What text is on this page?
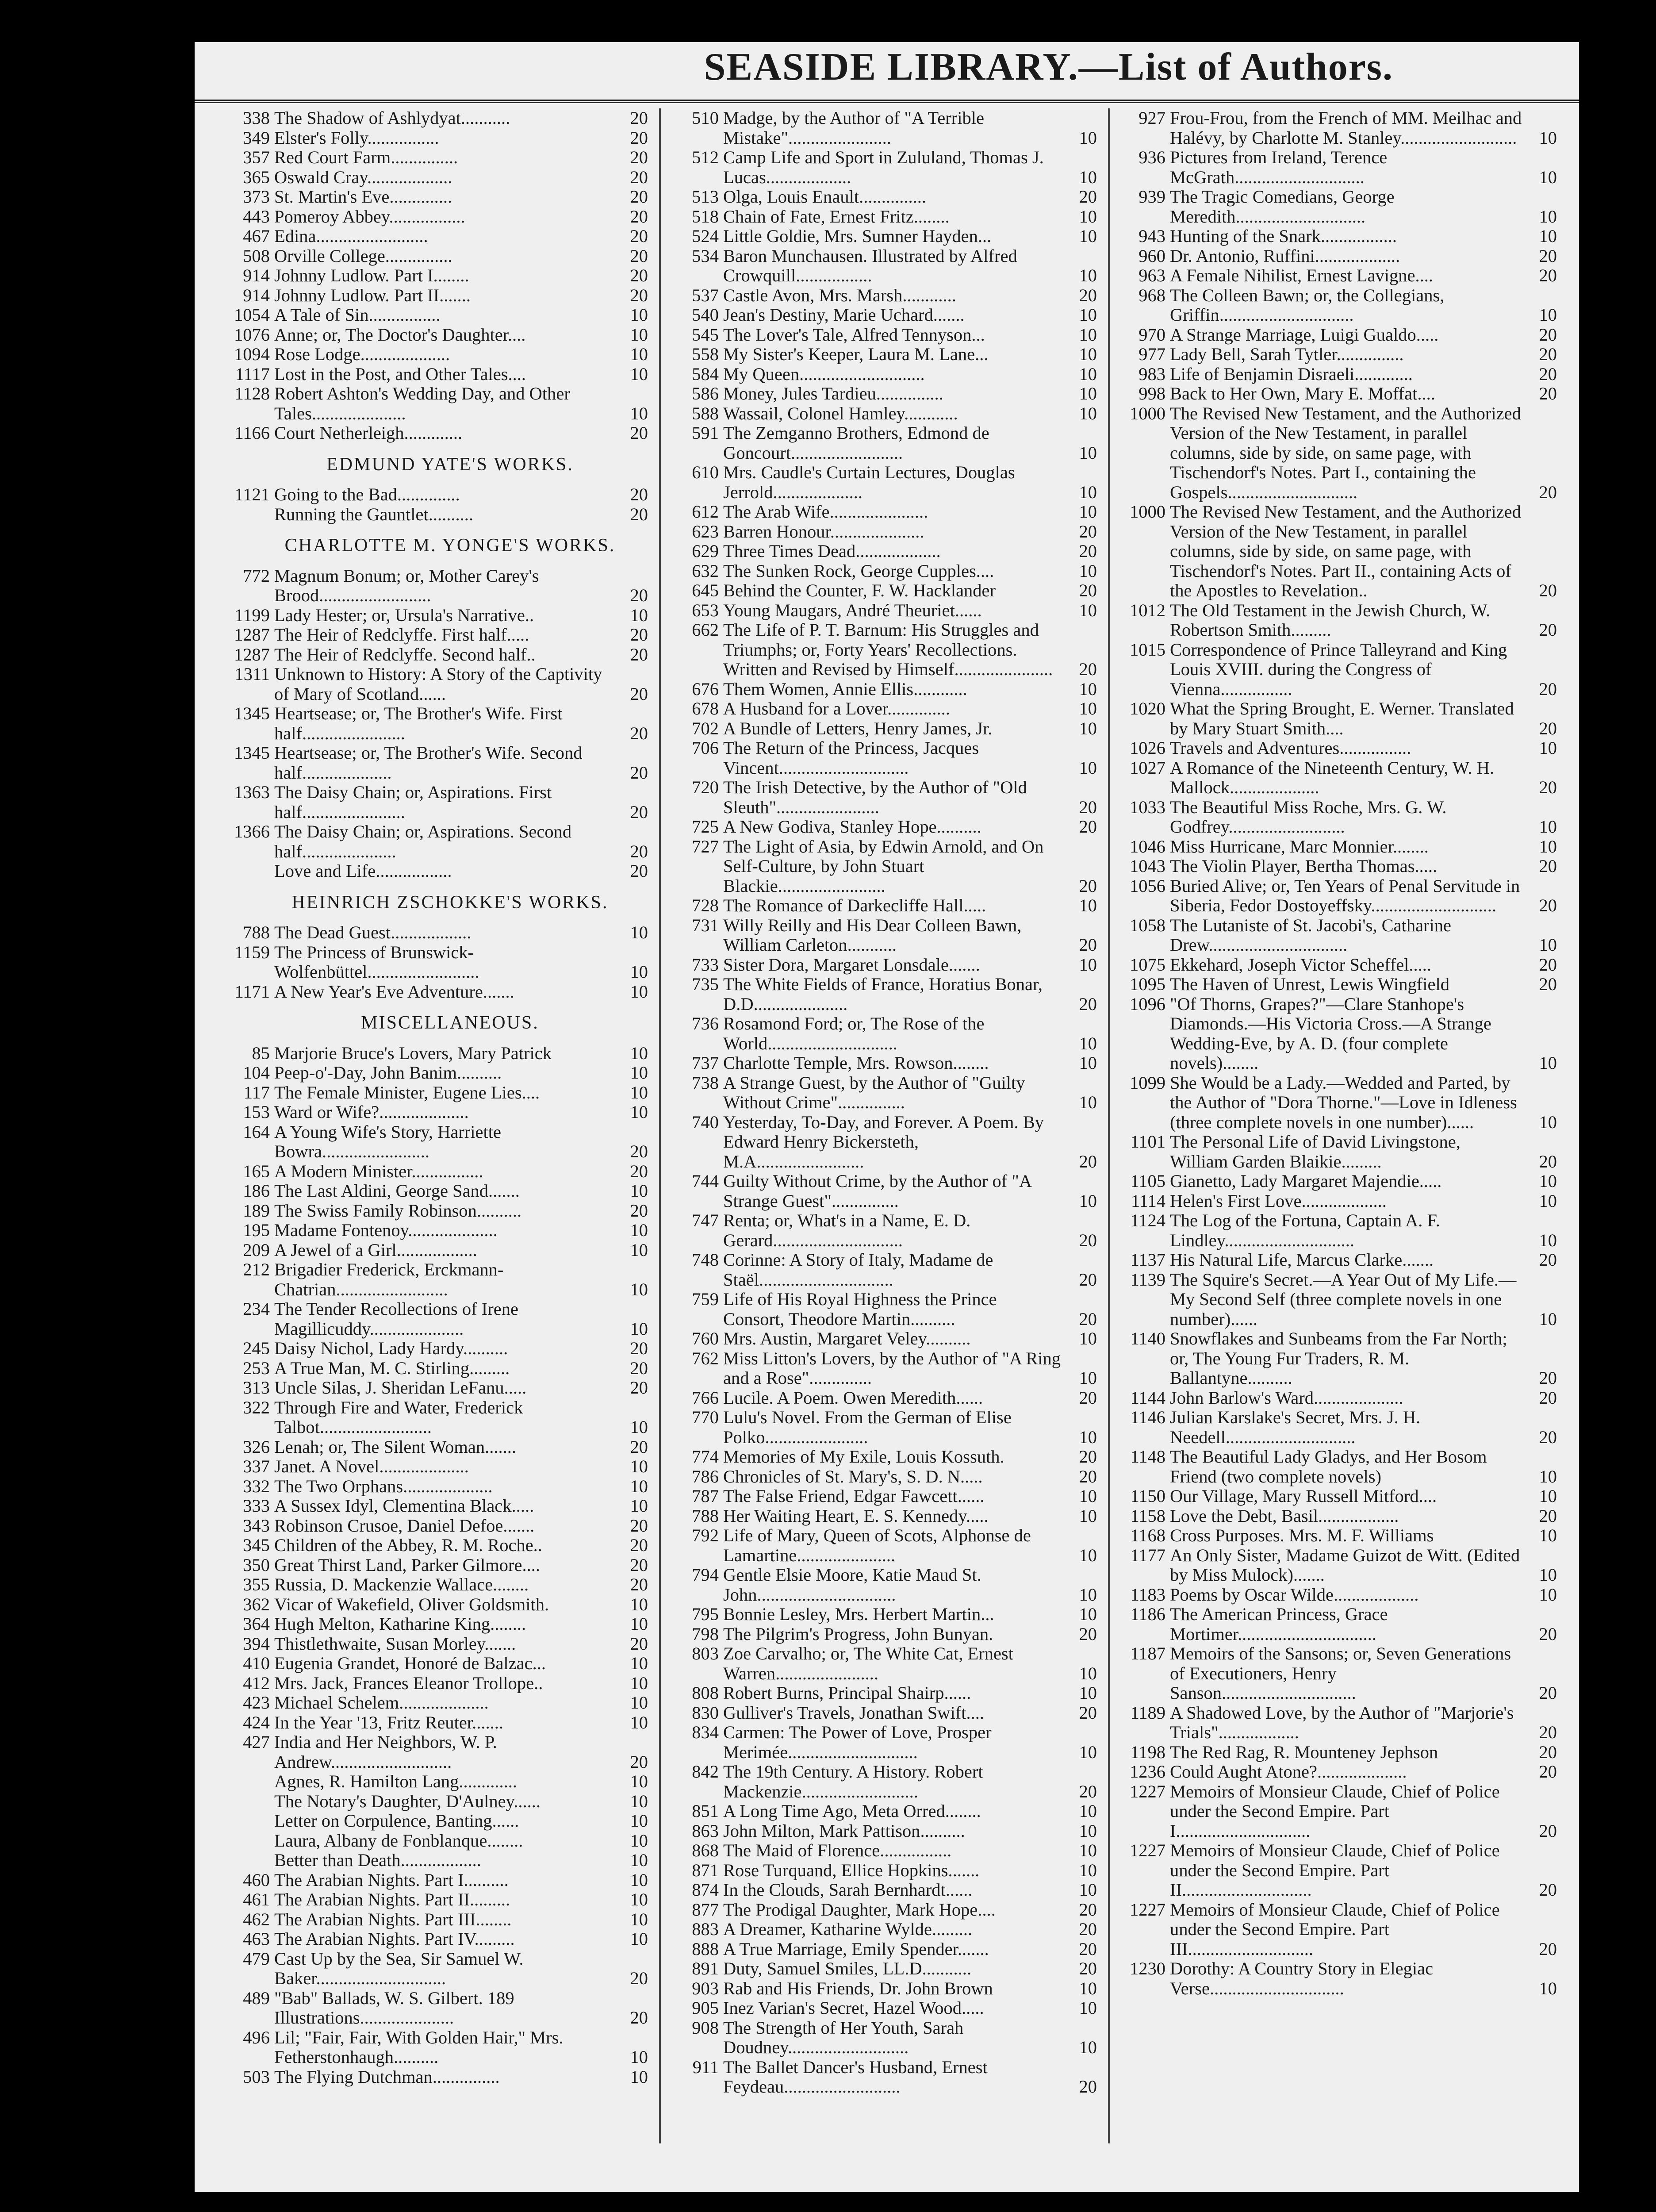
SEASIDE LIBRARY.—List of Authors.
338 The Shadow of Ashlydyat...........	20
349 Elster's Folly................	20
357 Red Court Farm...............	20
365 Oswald Cray...................	20
373 St. Martin's Eve..............	20
443 Pomeroy Abbey.................	20
467 Edina.........................	20
508 Orville College...............	20
914 Johnny Ludlow. Part I........	20
914 Johnny Ludlow. Part II.......	20
1054 A Tale of Sin................	10
1076 Anne; or, The Doctor's Daughter....	10
1094 Rose Lodge....................	10
1117 Lost in the Post, and Other Tales....	10
1128 Robert Ashton's Wedding Day, and Other Tales.....................	10
1166 Court Netherleigh.............	20
EDMUND YATE'S WORKS.
1121 Going to the Bad..............	20
Running the Gauntlet..........	20
CHARLOTTE M. YONGE'S WORKS.
772 Magnum Bonum; or, Mother Carey's Brood.........................	20
1199 Lady Hester; or, Ursula's Narrative..	10
1287 The Heir of Redclyffe. First half.....	20
1287 The Heir of Redclyffe. Second half..	20
1311 Unknown to History: A Story of the Captivity of Mary of Scotland......	20
1345 Heartsease; or, The Brother's Wife. First half.......................	20
1345 Heartsease; or, The Brother's Wife. Second half....................	20
1363 The Daisy Chain; or, Aspirations. First half.......................	20
1366 The Daisy Chain; or, Aspirations. Second half.....................	20
Love and Life.................	20
HEINRICH ZSCHOKKE'S WORKS.
788 The Dead Guest..................	10
1159 The Princess of Brunswick-Wolfenbüttel.........................	10
1171 A New Year's Eve Adventure.......	10
MISCELLANEOUS.
85 Marjorie Bruce's Lovers, Mary Patrick	10
104 Peep-o'-Day, John Banim..........	10
117 The Female Minister, Eugene Lies....	10
153 Ward or Wife?....................	10
164 A Young Wife's Story, Harriette Bowra........................	20
165 A Modern Minister................	20
186 The Last Aldini, George Sand.......	10
189 The Swiss Family Robinson..........	20
195 Madame Fontenoy....................	10
209 A Jewel of a Girl..................	10
212 Brigadier Frederick, Erckmann-Chatrian.........................	10
234 The Tender Recollections of Irene Magillicuddy.....................	10
245 Daisy Nichol, Lady Hardy..........	20
253 A True Man, M. C. Stirling.........	20
313 Uncle Silas, J. Sheridan LeFanu.....	20
322 Through Fire and Water, Frederick Talbot.........................	10
326 Lenah; or, The Silent Woman.......	20
337 Janet. A Novel....................	10
332 The Two Orphans....................	10
333 A Sussex Idyl, Clementina Black.....	10
343 Robinson Crusoe, Daniel Defoe.......	20
345 Children of the Abbey, R. M. Roche..	20
350 Great Thirst Land, Parker Gilmore....	20
355 Russia, D. Mackenzie Wallace........	20
362 Vicar of Wakefield, Oliver Goldsmith.	10
364 Hugh Melton, Katharine King........	10
394 Thistlethwaite, Susan Morley.......	20
410 Eugenia Grandet, Honoré de Balzac...	10
412 Mrs. Jack, Frances Eleanor Trollope..	10
423 Michael Schelem....................	10
424 In the Year '13, Fritz Reuter.......	10
427 India and Her Neighbors, W. P. Andrew...........................	20
Agnes, R. Hamilton Lang.............	10
The Notary's Daughter, D'Aulney......	10
Letter on Corpulence, Banting......	10
Laura, Albany de Fonblanque........	10
Better than Death..................	10
460 The Arabian Nights. Part I..........	10
461 The Arabian Nights. Part II.........	10
462 The Arabian Nights. Part III........	10
463 The Arabian Nights. Part IV.........	10
479 Cast Up by the Sea, Sir Samuel W. Baker.............................	20
489 "Bab" Ballads, W. S. Gilbert. 189 Illustrations.....................	20
496 Lil; "Fair, Fair, With Golden Hair," Mrs. Fetherstonhaugh..........	10
503 The Flying Dutchman...............	10
510 Madge, by the Author of "A Terrible Mistake".......................	10
512 Camp Life and Sport in Zululand, Thomas J. Lucas...................	10
513 Olga, Louis Enault...............	20
518 Chain of Fate, Ernest Fritz........	10
524 Little Goldie, Mrs. Sumner Hayden...	10
534 Baron Munchausen. Illustrated by Alfred Crowquill.................	10
537 Castle Avon, Mrs. Marsh............	20
540 Jean's Destiny, Marie Uchard.......	10
545 The Lover's Tale, Alfred Tennyson...	10
558 My Sister's Keeper, Laura M. Lane...	10
584 My Queen............................	10
586 Money, Jules Tardieu...............	10
588 Wassail, Colonel Hamley............	10
591 The Zemganno Brothers, Edmond de Goncourt.........................	10
610 Mrs. Caudle's Curtain Lectures, Douglas Jerrold....................	10
612 The Arab Wife......................	10
623 Barren Honour.....................	20
629 Three Times Dead...................	20
632 The Sunken Rock, George Cupples....	10
645 Behind the Counter, F. W. Hacklander	20
653 Young Maugars, André Theuriet......	10
662 The Life of P. T. Barnum: His Struggles and Triumphs; or, Forty Years' Recollections. Written and Revised by Himself......................	20
676 Them Women, Annie Ellis............	10
678 A Husband for a Lover..............	10
702 A Bundle of Letters, Henry James, Jr.	10
706 The Return of the Princess, Jacques Vincent.............................	10
720 The Irish Detective, by the Author of "Old Sleuth".......................	20
725 A New Godiva, Stanley Hope..........	20
727 The Light of Asia, by Edwin Arnold, and On Self-Culture, by John Stuart Blackie........................	20
728 The Romance of Darkecliffe Hall.....	10
731 Willy Reilly and His Dear Colleen Bawn, William Carleton...........	20
733 Sister Dora, Margaret Lonsdale.......	10
735 The White Fields of France, Horatius Bonar, D.D.....................	20
736 Rosamond Ford; or, The Rose of the World.............................	10
737 Charlotte Temple, Mrs. Rowson........	10
738 A Strange Guest, by the Author of "Guilty Without Crime"...............	10
740 Yesterday, To-Day, and Forever. A Poem. By Edward Henry Bickersteth, M.A........................	20
744 Guilty Without Crime, by the Author of "A Strange Guest"...............	10
747 Renta; or, What's in a Name, E. D. Gerard.............................	20
748 Corinne: A Story of Italy, Madame de Staël..............................	20
759 Life of His Royal Highness the Prince Consort, Theodore Martin..........	20
760 Mrs. Austin, Margaret Veley..........	10
762 Miss Litton's Lovers, by the Author of "A Ring and a Rose"..............	10
766 Lucile. A Poem. Owen Meredith......	20
770 Lulu's Novel. From the German of Elise Polko.......................	10
774 Memories of My Exile, Louis Kossuth.	20
786 Chronicles of St. Mary's, S. D. N.....	20
787 The False Friend, Edgar Fawcett......	10
788 Her Waiting Heart, E. S. Kennedy.....	10
792 Life of Mary, Queen of Scots, Alphonse de Lamartine......................	10
794 Gentle Elsie Moore, Katie Maud St. John...............................	10
795 Bonnie Lesley, Mrs. Herbert Martin...	10
798 The Pilgrim's Progress, John Bunyan.	20
803 Zoe Carvalho; or, The White Cat, Ernest Warren.......................	10
808 Robert Burns, Principal Shairp......	10
830 Gulliver's Travels, Jonathan Swift....	20
834 Carmen: The Power of Love, Prosper Merimée.............................	10
842 The 19th Century. A History. Robert Mackenzie..........................	20
851 A Long Time Ago, Meta Orred........	10
863 John Milton, Mark Pattison..........	10
868 The Maid of Florence................	10
871 Rose Turquand, Ellice Hopkins.......	10
874 In the Clouds, Sarah Bernhardt......	10
877 The Prodigal Daughter, Mark Hope....	20
883 A Dreamer, Katharine Wylde.........	20
888 A True Marriage, Emily Spender.......	20
891 Duty, Samuel Smiles, LL.D...........	20
903 Rab and His Friends, Dr. John Brown	10
905 Inez Varian's Secret, Hazel Wood.....	10
908 The Strength of Her Youth, Sarah Doudney...........................	10
911 The Ballet Dancer's Husband, Ernest Feydeau..........................	20
927 Frou-Frou, from the French of MM. Meilhac and Halévy, by Charlotte M. Stanley..........................	10
936 Pictures from Ireland, Terence McGrath.............................	10
939 The Tragic Comedians, George Meredith.............................	10
943 Hunting of the Snark.................	10
960 Dr. Antonio, Ruffini...................	20
963 A Female Nihilist, Ernest Lavigne....	20
968 The Colleen Bawn; or, the Collegians, Griffin..............................	10
970 A Strange Marriage, Luigi Gualdo.....	20
977 Lady Bell, Sarah Tytler...............	20
983 Life of Benjamin Disraeli.............	20
998 Back to Her Own, Mary E. Moffat....	20
1000 The Revised New Testament, and the Authorized Version of the New Testament, in parallel columns, side by side, on same page, with Tischendorf's Notes. Part I., containing the Gospels.............................	20
1000 The Revised New Testament, and the Authorized Version of the New Testament, in parallel columns, side by side, on same page, with Tischendorf's Notes. Part II., containing Acts of the Apostles to Revelation..	20
1012 The Old Testament in the Jewish Church, W. Robertson Smith.........	20
1015 Correspondence of Prince Talleyrand and King Louis XVIII. during the Congress of Vienna................	20
1020 What the Spring Brought, E. Werner. Translated by Mary Stuart Smith....	20
1026 Travels and Adventures................	10
1027 A Romance of the Nineteenth Century, W. H. Mallock....................	20
1033 The Beautiful Miss Roche, Mrs. G. W. Godfrey..........................	10
1046 Miss Hurricane, Marc Monnier........	10
1043 The Violin Player, Bertha Thomas.....	20
1056 Buried Alive; or, Ten Years of Penal Servitude in Siberia, Fedor Dostoyeffsky............................	20
1058 The Lutaniste of St. Jacobi's, Catharine Drew...............................	10
1075 Ekkehard, Joseph Victor Scheffel.....	20
1095 The Haven of Unrest, Lewis Wingfield	20
1096 "Of Thorns, Grapes?"—Clare Stanhope's Diamonds.—His Victoria Cross.—A Strange Wedding-Eve, by A. D. (four complete novels)........	10
1099 She Would be a Lady.—Wedded and Parted, by the Author of "Dora Thorne."—Love in Idleness (three complete novels in one number)......	10
1101 The Personal Life of David Livingstone, William Garden Blaikie.........	20
1105 Gianetto, Lady Margaret Majendie.....	10
1114 Helen's First Love...................	10
1124 The Log of the Fortuna, Captain A. F. Lindley.............................	10
1137 His Natural Life, Marcus Clarke.......	20
1139 The Squire's Secret.—A Year Out of My Life.—My Second Self (three complete novels in one number)......	10
1140 Snowflakes and Sunbeams from the Far North; or, The Young Fur Traders, R. M. Ballantyne..........	20
1144 John Barlow's Ward....................	20
1146 Julian Karslake's Secret, Mrs. J. H. Needell.............................	20
1148 The Beautiful Lady Gladys, and Her Bosom Friend (two complete novels)	10
1150 Our Village, Mary Russell Mitford....	10
1158 Love the Debt, Basil..................	20
1168 Cross Purposes. Mrs. M. F. Williams	10
1177 An Only Sister, Madame Guizot de Witt. (Edited by Miss Mulock).......	10
1183 Poems by Oscar Wilde...................	10
1186 The American Princess, Grace Mortimer...............................	20
1187 Memoirs of the Sansons; or, Seven Generations of Executioners, Henry Sanson..............................	20
1189 A Shadowed Love, by the Author of "Marjorie's Trials"..................	20
1198 The Red Rag, R. Mounteney Jephson	20
1236 Could Aught Atone?....................	20
1227 Memoirs of Monsieur Claude, Chief of Police under the Second Empire. Part I..............................	20
1227 Memoirs of Monsieur Claude, Chief of Police under the Second Empire. Part II.............................	20
1227 Memoirs of Monsieur Claude, Chief of Police under the Second Empire. Part III............................	20
1230 Dorothy: A Country Story in Elegiac Verse..............................	10
